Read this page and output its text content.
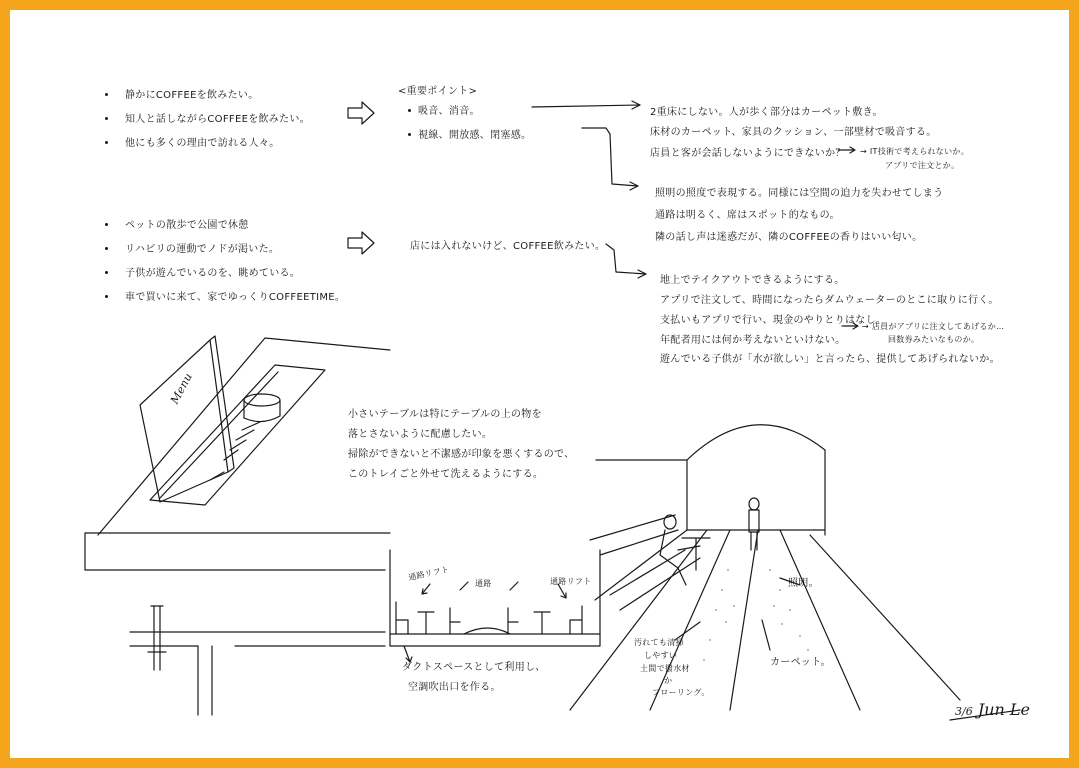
静かにCOFFEEを飲みたい。
知人と話しながらCOFFEEを飲みたい。
他にも多くの理由で訪れる人々。
<重要ポイント>
吸音、消音。
視線、開放感、閉塞感。
2重床にしない。人が歩く部分はカーペット敷き。
床材のカーペット、家具のクッション、一部壁材で吸音する。
店員と客が会話しないようにできないか？ → IT技術で考えられないか。
アプリで注文とか。
照明の照度で表現する。同様には空間の迫力を失わせてしまう
通路は明るく、席はスポット的なもの。
隣の話し声は迷惑だが、隣のCOFFEEの香りはいい匂い。
ペットの散歩で公園で休憩
リハビリの運動でノドが渇いた。
子供が遊んでいるのを、眺めている。
車で買いに来て、家でゆっくりCOFFEETIME。
店には入れないけど、COFFEE飲みたい。
地上でテイクアウトできるようにする。
アプリで注文して、時間になったらダムウェーターのとこに取りに行く。
支払いもアプリで行い、現金のやりとりはなし。
年配者用には何か考えないといけない。
→ 店員がアプリに注文してあげるか…
回数券みたいなものか。
遊んでいる子供が「水が欲しい」と言ったら、提供してあげられないか。
小さいテーブルは特にテーブルの上の物を
落とさないように配慮したい。
掃除ができないと不潔感が印象を悪くするので、
このトレイごと外せて洗えるようにする。
Menu
通路
通路リフト	通路リフト
ダクトスペースとして利用し、
空調吹出口を作る。
照明。
カーペット。
汚れても清掃
しやすい
土間で撥水材
か
フローリング。
3/6 Jun Le
